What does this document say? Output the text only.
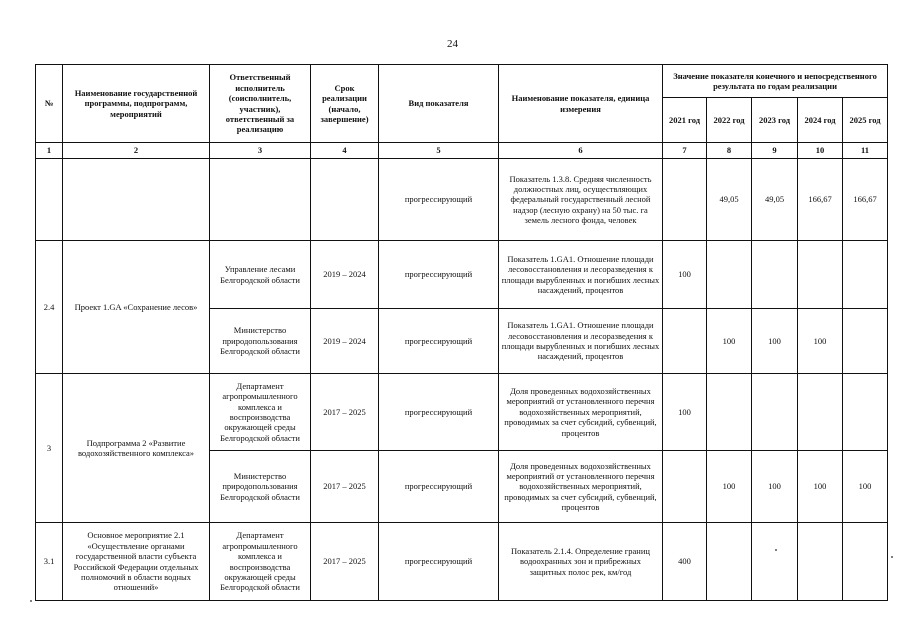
24
№	Наименование государственной программы, подпрограмм, мероприятий	Ответственный исполнитель (соисполнитель, участник), ответственный за реализацию	Срок реализации (начало, завершение)	Вид показателя	Наименование показателя, единица измерения	Значение показателя конечного и непосредственного результата по годам реализации				
						2021 год	2022 год	2023 год	2024 год	2025 год
1	2	3	4	5	6	7	8	9	10	11
				прогрессирующий	Показатель 1.3.8. Средняя численность должностных лиц, осуществляющих федеральный государственный лесной надзор (лесную охрану) на 50 тыс. га земель лесного фонда, человек		49,05	49,05	166,67	166,67
2.4	Проект 1.GA «Сохранение лесов»	Управление лесами Белгородской области	2019 – 2024	прогрессирующий	Показатель 1.GA1. Отношение площади лесовосстановления и лесоразведения к площади вырубленных и погибших лесных насаждений, процентов	100				
		Министерство природопользования Белгородской области	2019 – 2024	прогрессирующий	Показатель 1.GA1. Отношение площади лесовосстановления и лесоразведения к площади вырубленных и погибших лесных насаждений, процентов		100	100	100	
3	Подпрограмма 2 «Развитие водохозяйственного комплекса»	Департамент агропромышленного комплекса и воспроизводства окружающей среды Белгородской области	2017 – 2025	прогрессирующий	Доля проведенных водохозяйственных мероприятий от установленного перечня водохозяйственных мероприятий, проводимых за счет субсидий, субвенций, процентов	100				
		Министерство природопользования Белгородской области	2017 – 2025	прогрессирующий	Доля проведенных водохозяйственных мероприятий от установленного перечня водохозяйственных мероприятий, проводимых за счет субсидий, субвенций, процентов		100	100	100	100
3.1	Основное мероприятие 2.1 «Осуществление органами государственной власти субъекта Российской Федерации отдельных полномочий в области водных отношений»	Департамент агропромышленного комплекса и воспроизводства окружающей среды Белгородской области	2017 – 2025	прогрессирующий	Показатель 2.1.4. Определение границ водоохранных зон и прибрежных защитных полос рек, км/год	400				
